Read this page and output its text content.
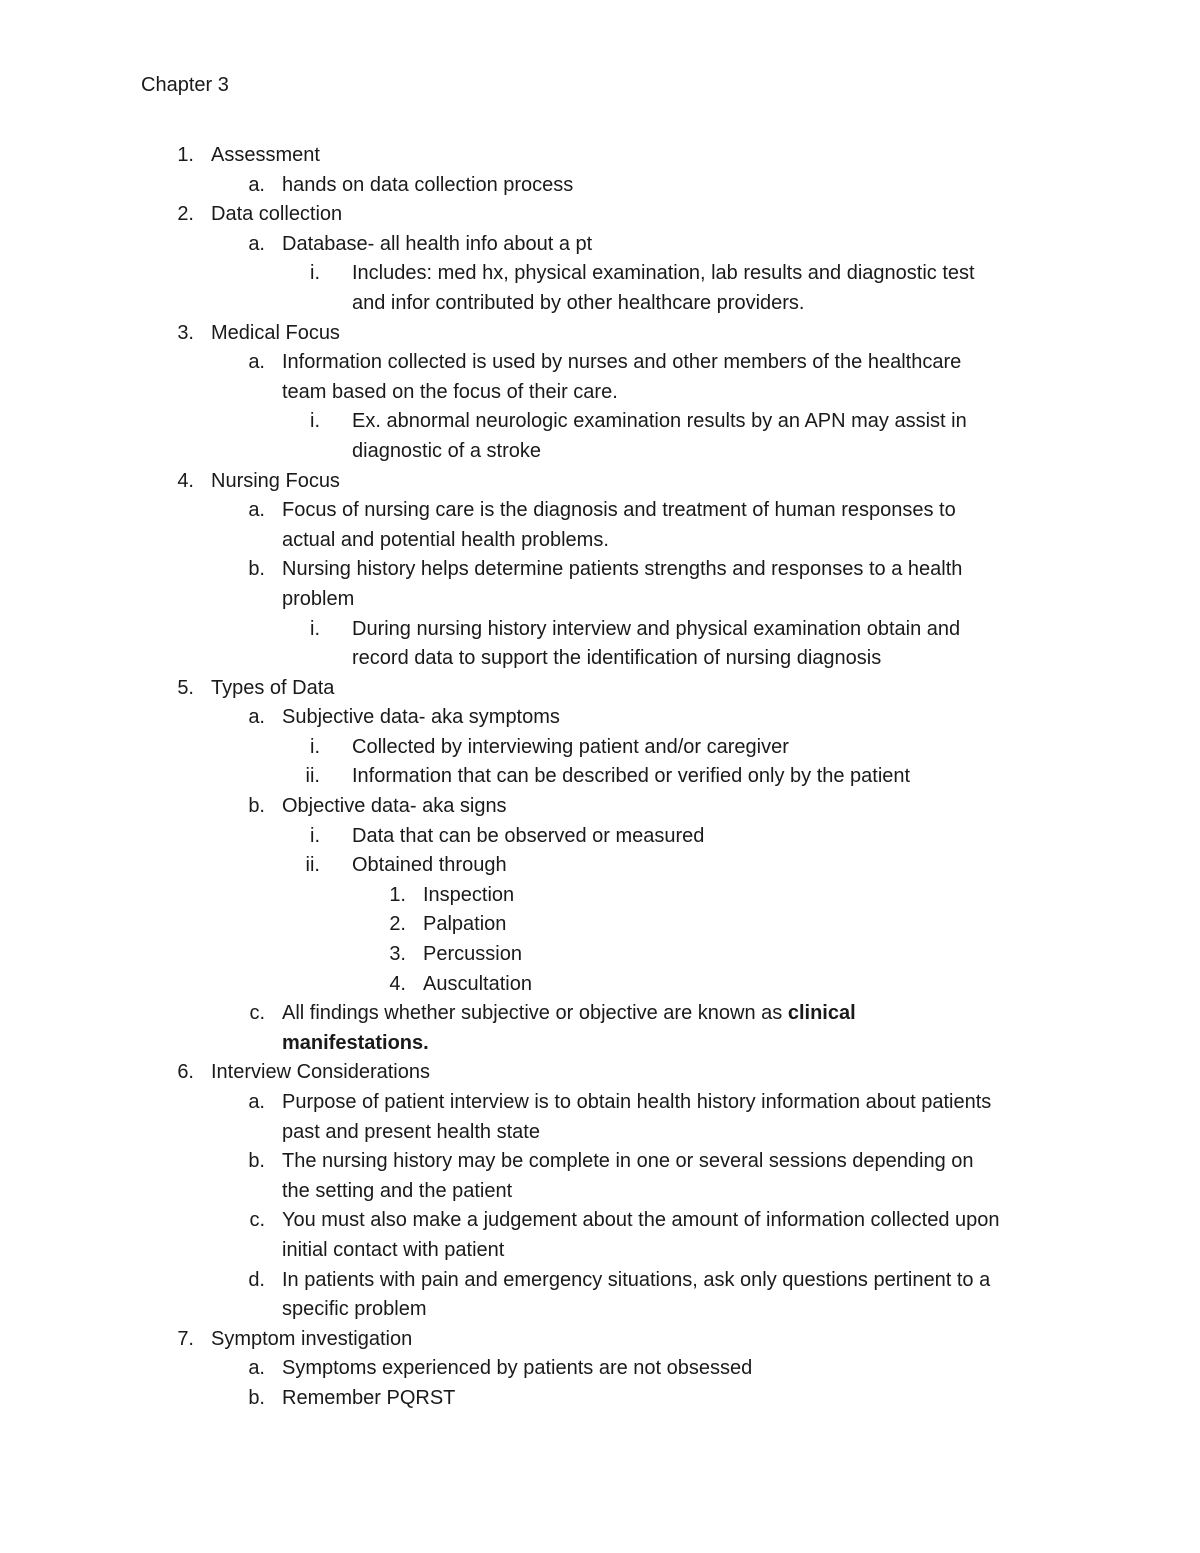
Chapter 3
1. Assessment
a. hands on data collection process
2. Data collection
a. Database- all health info about a pt
i. Includes: med hx, physical examination, lab results and diagnostic test
and infor contributed by other healthcare providers.
3. Medical Focus
a. Information collected is used by nurses and other members of the healthcare
team based on the focus of their care.
i. Ex. abnormal neurologic examination results by an APN may assist in
diagnostic of a stroke
4. Nursing Focus
a. Focus of nursing care is the diagnosis and treatment of human responses to
actual and potential health problems.
b. Nursing history helps determine patients strengths and responses to a health
problem
i. During nursing history interview and physical examination obtain and
record data to support the identification of nursing diagnosis
5. Types of Data
a. Subjective data- aka symptoms
i. Collected by interviewing patient and/or caregiver
ii. Information that can be described or verified only by the patient
b. Objective data- aka signs
i. Data that can be observed or measured
ii. Obtained through
1. Inspection
2. Palpation
3. Percussion
4. Auscultation
c. All findings whether subjective or objective are known as clinical
manifestations.
6. Interview Considerations
a. Purpose of patient interview is to obtain health history information about patients
past and present health state
b. The nursing history may be complete in one or several sessions depending on
the setting and the patient
c. You must also make a judgement about the amount of information collected upon
initial contact with patient
d. In patients with pain and emergency situations, ask only questions pertinent to a
specific problem
7. Symptom investigation
a. Symptoms experienced by patients are not obsessed
b. Remember PQRST
